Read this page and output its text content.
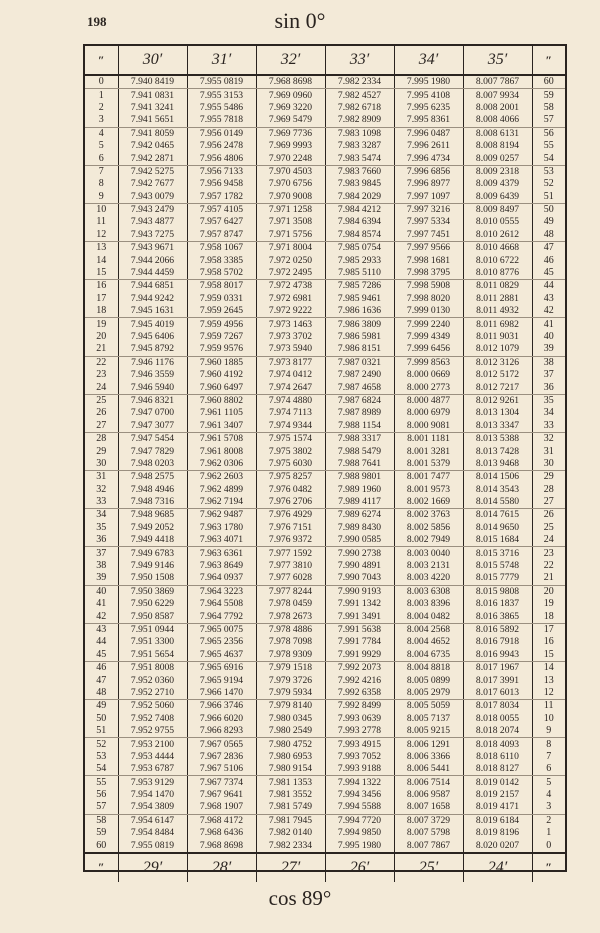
198	sin 0°
″	30′	31′	32′	33′	34′	35′	″
0	7.940 8419	7.955 0819	7.968 8698	7.982 2334	7.995 1980	8.007 7867	60
1	7.941 0831	7.955 3153	7.969 0960	7.982 4527	7.995 4108	8.007 9934	59
2	7.941 3241	7.955 5486	7.969 3220	7.982 6718	7.995 6235	8.008 2001	58
3	7.941 5651	7.955 7818	7.969 5479	7.982 8909	7.995 8361	8.008 4066	57
4	7.941 8059	7.956 0149	7.969 7736	7.983 1098	7.996 0487	8.008 6131	56
5	7.942 0465	7.956 2478	7.969 9993	7.983 3287	7.996 2611	8.008 8194	55
6	7.942 2871	7.956 4806	7.970 2248	7.983 5474	7.996 4734	8.009 0257	54
7	7.942 5275	7.956 7133	7.970 4503	7.983 7660	7.996 6856	8.009 2318	53
8	7.942 7677	7.956 9458	7.970 6756	7.983 9845	7.996 8977	8.009 4379	52
9	7.943 0079	7.957 1782	7.970 9008	7.984 2029	7.997 1097	8.009 6439	51
10	7.943 2479	7.957 4105	7.971 1258	7.984 4212	7.997 3216	8.009 8497	50
11	7.943 4877	7.957 6427	7.971 3508	7.984 6394	7.997 5334	8.010 0555	49
12	7.943 7275	7.957 8747	7.971 5756	7.984 8574	7.997 7451	8.010 2612	48
13	7.943 9671	7.958 1067	7.971 8004	7.985 0754	7.997 9566	8.010 4668	47
14	7.944 2066	7.958 3385	7.972 0250	7.985 2933	7.998 1681	8.010 6722	46
15	7.944 4459	7.958 5702	7.972 2495	7.985 5110	7.998 3795	8.010 8776	45
16	7.944 6851	7.958 8017	7.972 4738	7.985 7286	7.998 5908	8.011 0829	44
17	7.944 9242	7.959 0331	7.972 6981	7.985 9461	7.998 8020	8.011 2881	43
18	7.945 1631	7.959 2645	7.972 9222	7.986 1636	7.999 0130	8.011 4932	42
19	7.945 4019	7.959 4956	7.973 1463	7.986 3809	7.999 2240	8.011 6982	41
20	7.945 6406	7.959 7267	7.973 3702	7.986 5981	7.999 4349	8.011 9031	40
21	7.945 8792	7.959 9576	7.973 5940	7.986 8151	7.999 6456	8.012 1079	39
22	7.946 1176	7.960 1885	7.973 8177	7.987 0321	7.999 8563	8.012 3126	38
23	7.946 3559	7.960 4192	7.974 0412	7.987 2490	8.000 0669	8.012 5172	37
24	7.946 5940	7.960 6497	7.974 2647	7.987 4658	8.000 2773	8.012 7217	36
25	7.946 8321	7.960 8802	7.974 4880	7.987 6824	8.000 4877	8.012 9261	35
26	7.947 0700	7.961 1105	7.974 7113	7.987 8989	8.000 6979	8.013 1304	34
27	7.947 3077	7.961 3407	7.974 9344	7.988 1154	8.000 9081	8.013 3347	33
28	7.947 5454	7.961 5708	7.975 1574	7.988 3317	8.001 1181	8.013 5388	32
29	7.947 7829	7.961 8008	7.975 3802	7.988 5479	8.001 3281	8.013 7428	31
30	7.948 0203	7.962 0306	7.975 6030	7.988 7641	8.001 5379	8.013 9468	30
31	7.948 2575	7.962 2603	7.975 8257	7.988 9801	8.001 7477	8.014 1506	29
32	7.948 4946	7.962 4899	7.976 0482	7.989 1960	8.001 9573	8.014 3543	28
33	7.948 7316	7.962 7194	7.976 2706	7.989 4117	8.002 1669	8.014 5580	27
34	7.948 9685	7.962 9487	7.976 4929	7.989 6274	8.002 3763	8.014 7615	26
35	7.949 2052	7.963 1780	7.976 7151	7.989 8430	8.002 5856	8.014 9650	25
36	7.949 4418	7.963 4071	7.976 9372	7.990 0585	8.002 7949	8.015 1684	24
37	7.949 6783	7.963 6361	7.977 1592	7.990 2738	8.003 0040	8.015 3716	23
38	7.949 9146	7.963 8649	7.977 3810	7.990 4891	8.003 2131	8.015 5748	22
39	7.950 1508	7.964 0937	7.977 6028	7.990 7043	8.003 4220	8.015 7779	21
40	7.950 3869	7.964 3223	7.977 8244	7.990 9193	8.003 6308	8.015 9808	20
41	7.950 6229	7.964 5508	7.978 0459	7.991 1342	8.003 8396	8.016 1837	19
42	7.950 8587	7.964 7792	7.978 2673	7.991 3491	8.004 0482	8.016 3865	18
43	7.951 0944	7.965 0075	7.978 4886	7.991 5638	8.004 2568	8.016 5892	17
44	7.951 3300	7.965 2356	7.978 7098	7.991 7784	8.004 4652	8.016 7918	16
45	7.951 5654	7.965 4637	7.978 9309	7.991 9929	8.004 6735	8.016 9943	15
46	7.951 8008	7.965 6916	7.979 1518	7.992 2073	8.004 8818	8.017 1967	14
47	7.952 0360	7.965 9194	7.979 3726	7.992 4216	8.005 0899	8.017 3991	13
48	7.952 2710	7.966 1470	7.979 5934	7.992 6358	8.005 2979	8.017 6013	12
49	7.952 5060	7.966 3746	7.979 8140	7.992 8499	8.005 5059	8.017 8034	11
50	7.952 7408	7.966 6020	7.980 0345	7.993 0639	8.005 7137	8.018 0055	10
51	7.952 9755	7.966 8293	7.980 2549	7.993 2778	8.005 9215	8.018 2074	9
52	7.953 2100	7.967 0565	7.980 4752	7.993 4915	8.006 1291	8.018 4093	8
53	7.953 4444	7.967 2836	7.980 6953	7.993 7052	8.006 3366	8.018 6110	7
54	7.953 6787	7.967 5106	7.980 9154	7.993 9188	8.006 5441	8.018 8127	6
55	7.953 9129	7.967 7374	7.981 1353	7.994 1322	8.006 7514	8.019 0142	5
56	7.954 1470	7.967 9641	7.981 3552	7.994 3456	8.006 9587	8.019 2157	4
57	7.954 3809	7.968 1907	7.981 5749	7.994 5588	8.007 1658	8.019 4171	3
58	7.954 6147	7.968 4172	7.981 7945	7.994 7720	8.007 3729	8.019 6184	2
59	7.954 8484	7.968 6436	7.982 0140	7.994 9850	8.007 5798	8.019 8196	1
60	7.955 0819	7.968 8698	7.982 2334	7.995 1980	8.007 7867	8.020 0207	0
″	29′	28′	27′	26′	25′	24′	″
cos 89°
